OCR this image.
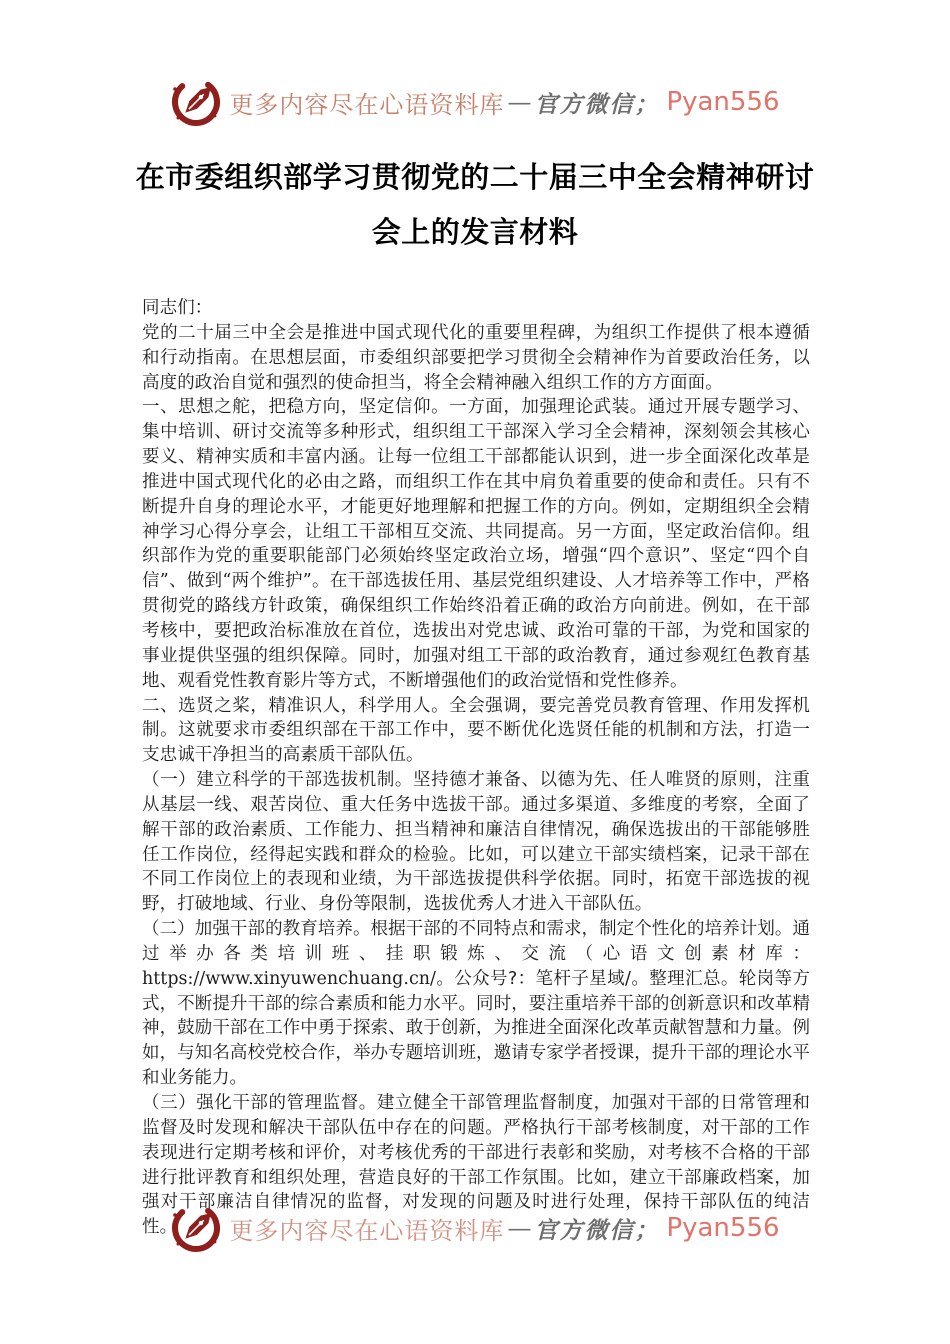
更多内容尽在心语资料库 — 官方微信； Pyan556
在市委组织部学习贯彻党的二十届三中全会精神研讨
会上的发言材料

同志们：

党的二十届三中全会是推进中国式现代化的重要里程碑，为组织工作提供了根本遵循和行动指南。在思想层面，市委组织部要把学习贯彻全会精神作为首要政治任务，以高度的政治自觉和强烈的使命担当，将全会精神融入组织工作的方方面面。

一、思想之舵，把稳方向，坚定信仰。一方面，加强理论武装。通过开展专题学习、集中培训、研讨交流等多种形式，组织组工干部深入学习全会精神，深刻领会其核心要义、精神实质和丰富内涵。让每一位组工干部都能认识到，进一步全面深化改革是推进中国式现代化的必由之路，而组织工作在其中肩负着重要的使命和责任。只有不断提升自身的理论水平，才能更好地理解和把握工作的方向。例如，定期组织全会精神学习心得分享会，让组工干部相互交流、共同提高。另一方面，坚定政治信仰。组织部作为党的重要职能部门必须始终坚定政治立场，增强“四个意识”、坚定“四个自信”、做到“两个维护”。在干部选拔任用、基层党组织建设、人才培养等工作中，严格贯彻党的路线方针政策，确保组织工作始终沿着正确的政治方向前进。例如，在干部考核中，要把政治标准放在首位，选拔出对党忠诚、政治可靠的干部，为党和国家的事业提供坚强的组织保障。同时，加强对组工干部的政治教育，通过参观红色教育基地、观看党性教育影片等方式，不断增强他们的政治觉悟和党性修养。

二、选贤之桨，精准识人，科学用人。全会强调，要完善党员教育管理、作用发挥机制。这就要求市委组织部在干部工作中，要不断优化选贤任能的机制和方法，打造一支忠诚干净担当的高素质干部队伍。

（一）建立科学的干部选拔机制。坚持德才兼备、以德为先、任人唯贤的原则，注重从基层一线、艰苦岗位、重大任务中选拔干部。通过多渠道、多维度的考察，全面了解干部的政治素质、工作能力、担当精神和廉洁自律情况，确保选拔出的干部能够胜任工作岗位，经得起实践和群众的检验。比如，可以建立干部实绩档案，记录干部在不同工作岗位上的表现和业绩，为干部选拔提供科学依据。同时，拓宽干部选拔的视野，打破地域、行业、身份等限制，选拔优秀人才进入干部队伍。

（二）加强干部的教育培养。根据干部的不同特点和需求，制定个性化的培养计划。通过举办各类培训班、挂职锻炼、交流（心语文创素材库： https://www.xinyuwenchuang.cn/。公众号?：笔杆子星域/。整理汇总。轮岗等方式，不断提升干部的综合素质和能力水平。同时，要注重培养干部的创新意识和改革精神，鼓励干部在工作中勇于探索、敢于创新，为推进全面深化改革贡献智慧和力量。例如，与知名高校党校合作，举办专题培训班，邀请专家学者授课，提升干部的理论水平和业务能力。

（三）强化干部的管理监督。建立健全干部管理监督制度，加强对干部的日常管理和监督及时发现和解决干部队伍中存在的问题。严格执行干部考核制度，对干部的工作表现进行定期考核和评价，对考核优秀的干部进行表彰和奖励，对考核不合格的干部进行批评教育和组织处理，营造良好的干部工作氛围。比如，建立干部廉政档案，加强对干部廉洁自律情况的监督，对发现的问题及时进行处理，保持干部队伍的纯洁性。	更多内容尽在心语资料库 — 官方微信； Pyan556
